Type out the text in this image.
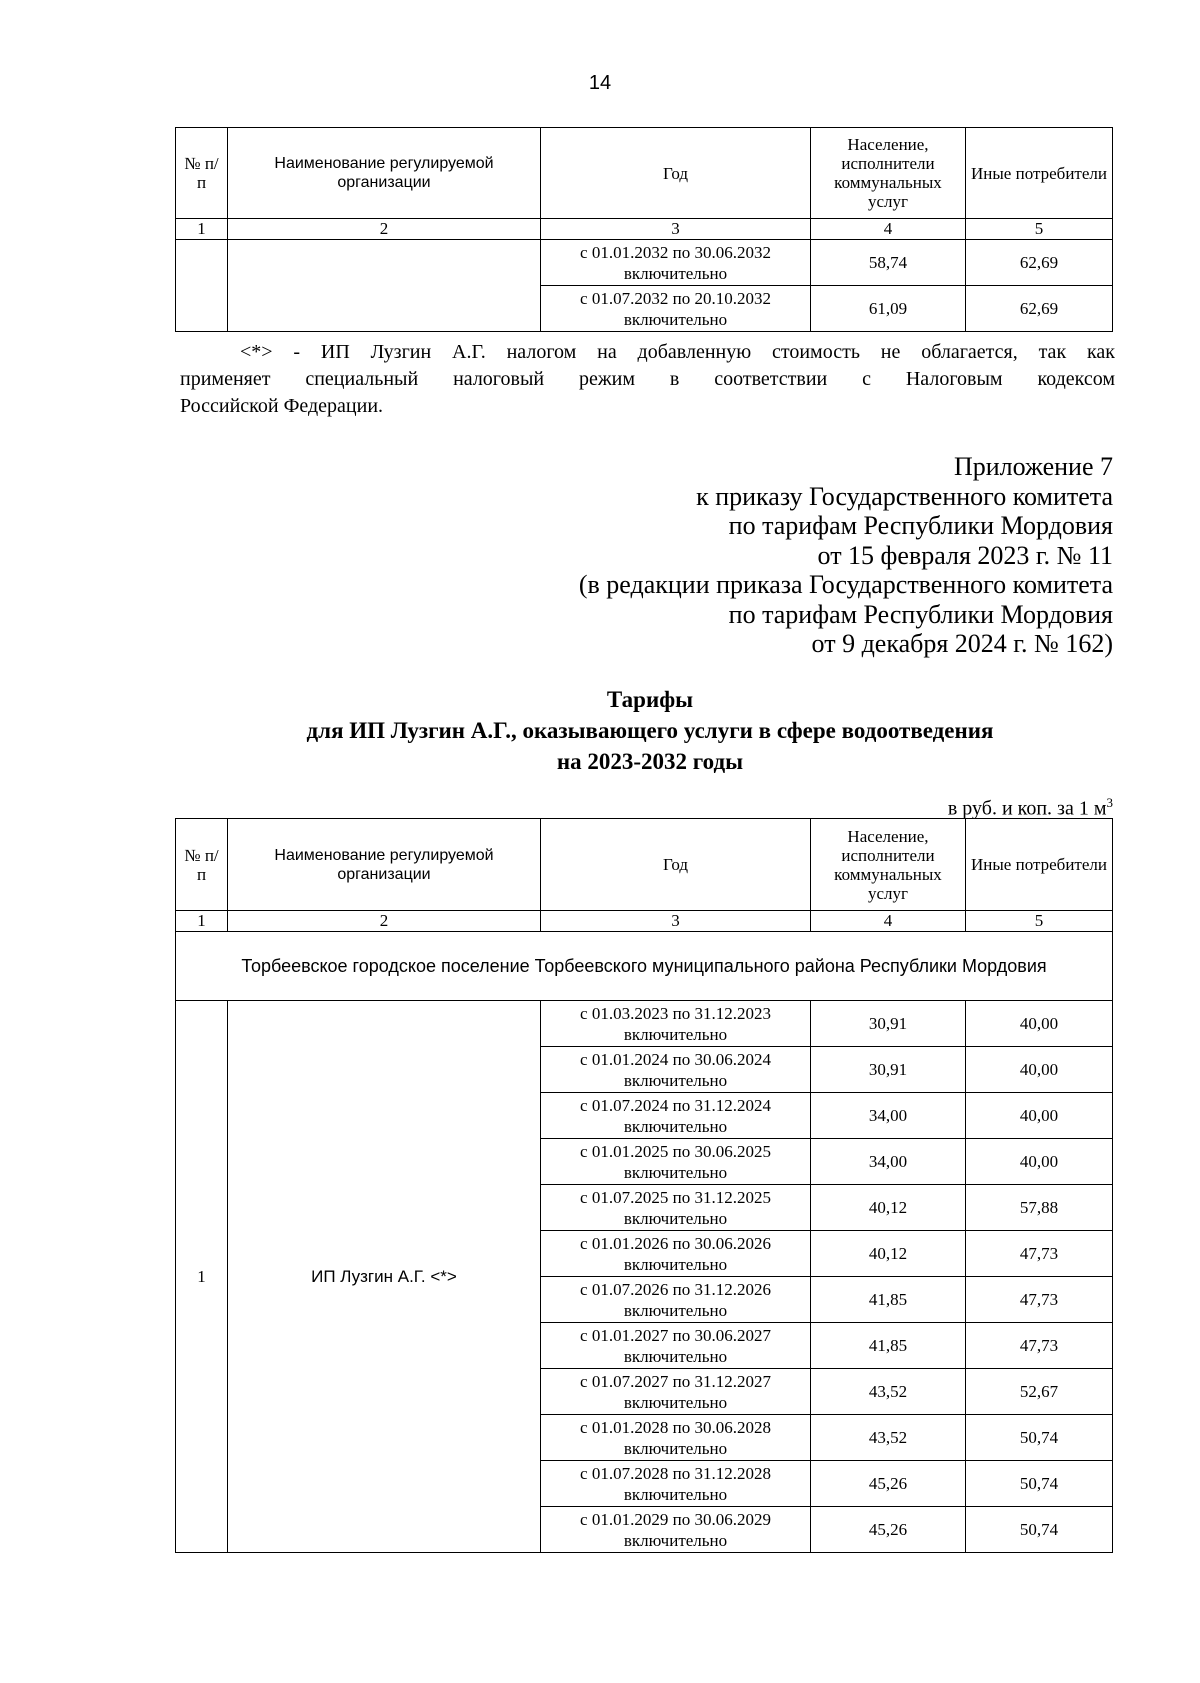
14
№ п/п	Наименование регулируемой организации	Год	Население, исполнители коммунальных услуг	Иные потребители
1	2	3	4	5
		с 01.01.2032 по 30.06.2032 включительно	58,74	62,69
		с 01.07.2032 по 20.10.2032 включительно	61,09	62,69
<*> - ИП Лузгин А.Г. налогом на добавленную стоимость не облагается, так как
применяет специальный налоговый режим в соответствии с Налоговым кодексом
Российской Федерации.
Приложение 7
к приказу Государственного комитета
по тарифам Республики Мордовия
от 15 февраля 2023 г. № 11
(в редакции приказа Государственного комитета
по тарифам Республики Мордовия
от 9 декабря 2024 г. № 162)
Тарифы
для ИП Лузгин А.Г., оказывающего услуги в сфере водоотведения
на 2023-2032 годы
в руб. и коп. за 1 $м^3$
№ п/п	Наименование регулируемой организации	Год	Население, исполнители коммунальных услуг	Иные потребители
1	2	3	4	5
Торбеевское городское поселение Торбеевского муниципального района Республики Мордовия				
1	ИП Лузгин А.Г. <*>	с 01.03.2023 по 31.12.2023 включительно	30,91	40,00
		с 01.01.2024 по 30.06.2024 включительно	30,91	40,00
		с 01.07.2024 по 31.12.2024 включительно	34,00	40,00
		с 01.01.2025 по 30.06.2025 включительно	34,00	40,00
		с 01.07.2025 по 31.12.2025 включительно	40,12	57,88
		с 01.01.2026 по 30.06.2026 включительно	40,12	47,73
		с 01.07.2026 по 31.12.2026 включительно	41,85	47,73
		с 01.01.2027 по 30.06.2027 включительно	41,85	47,73
		с 01.07.2027 по 31.12.2027 включительно	43,52	52,67
		с 01.01.2028 по 30.06.2028 включительно	43,52	50,74
		с 01.07.2028 по 31.12.2028 включительно	45,26	50,74
		с 01.01.2029 по 30.06.2029 включительно	45,26	50,74
